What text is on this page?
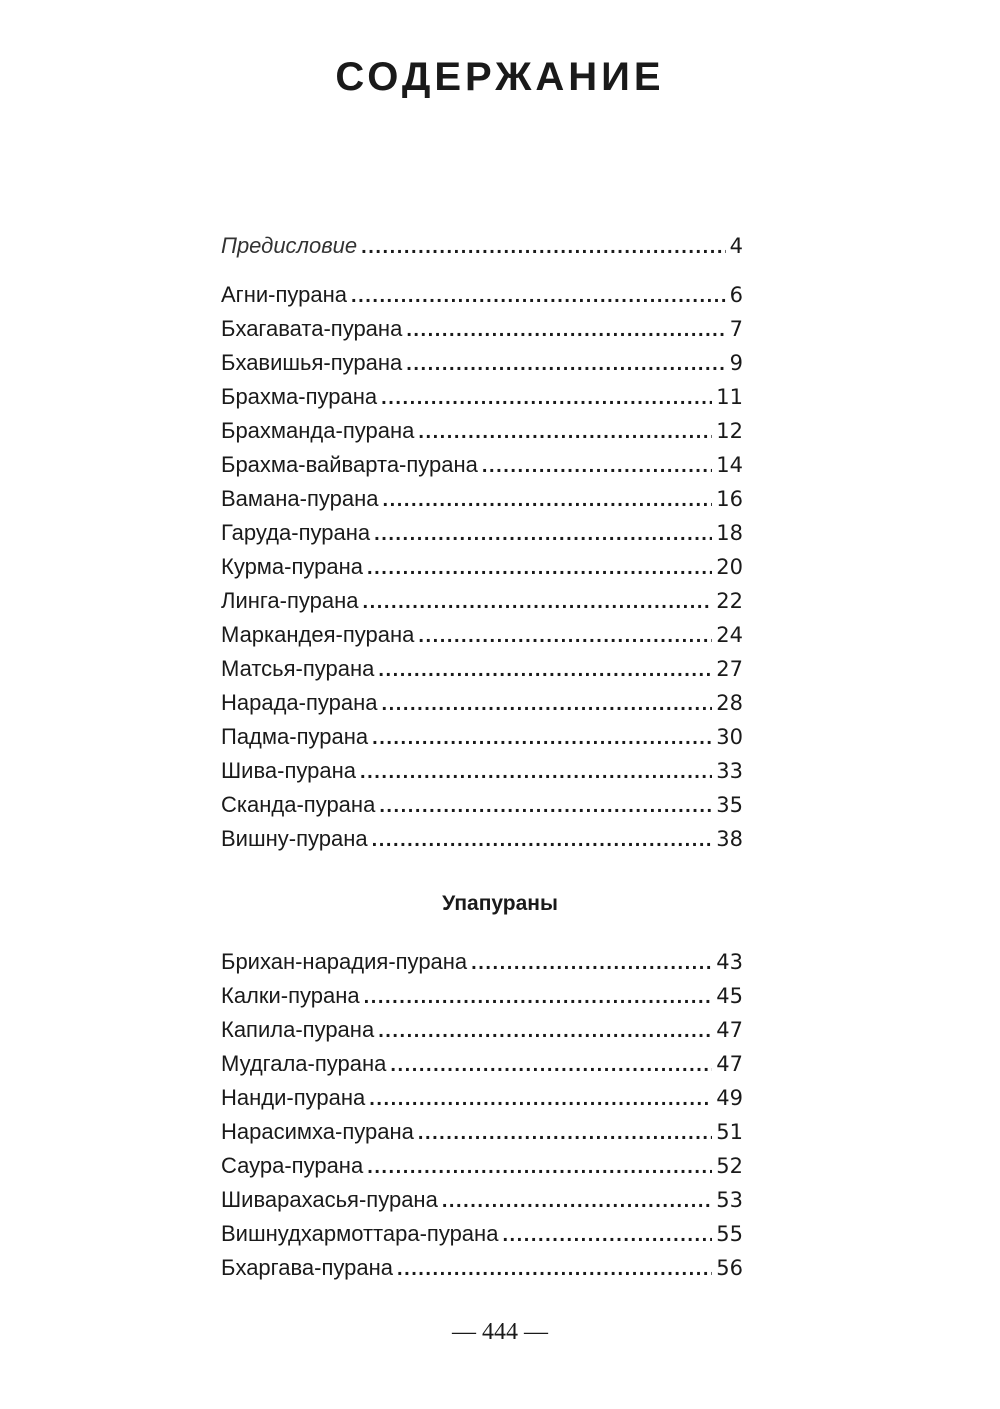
СОДЕРЖАНИЕ
Предисловие . . .	4
Агни-пурана . . .	6
Бхагавата-пурана . . .	7
Бхавишья-пурана . . .	9
Брахма-пурана . . .	11
Брахманда-пурана . . .	12
Брахма-вайварта-пурана . . .	14
Вамана-пурана . . .	16
Гаруда-пурана . . .	18
Курма-пурана . . .	20
Линга-пурана . . .	22
Маркандея-пурана . . .	24
Матсья-пурана . . .	27
Нарада-пурана . . .	28
Падма-пурана . . .	30
Шива-пурана . . .	33
Сканда-пурана . . .	35
Вишну-пурана . . .	38
Упапураны
Брихан-нарадия-пурана . . .	43
Калки-пурана . . .	45
Капила-пурана . . .	47
Мудгала-пурана . . .	47
Нанди-пурана . . .	49
Нарасимха-пурана . . .	51
Саура-пурана . . .	52
Шиварахасья-пурана . . .	53
Вишнудхармоттара-пурана . . .	55
Бхаргава-пурана . . .	56
— 444 —
